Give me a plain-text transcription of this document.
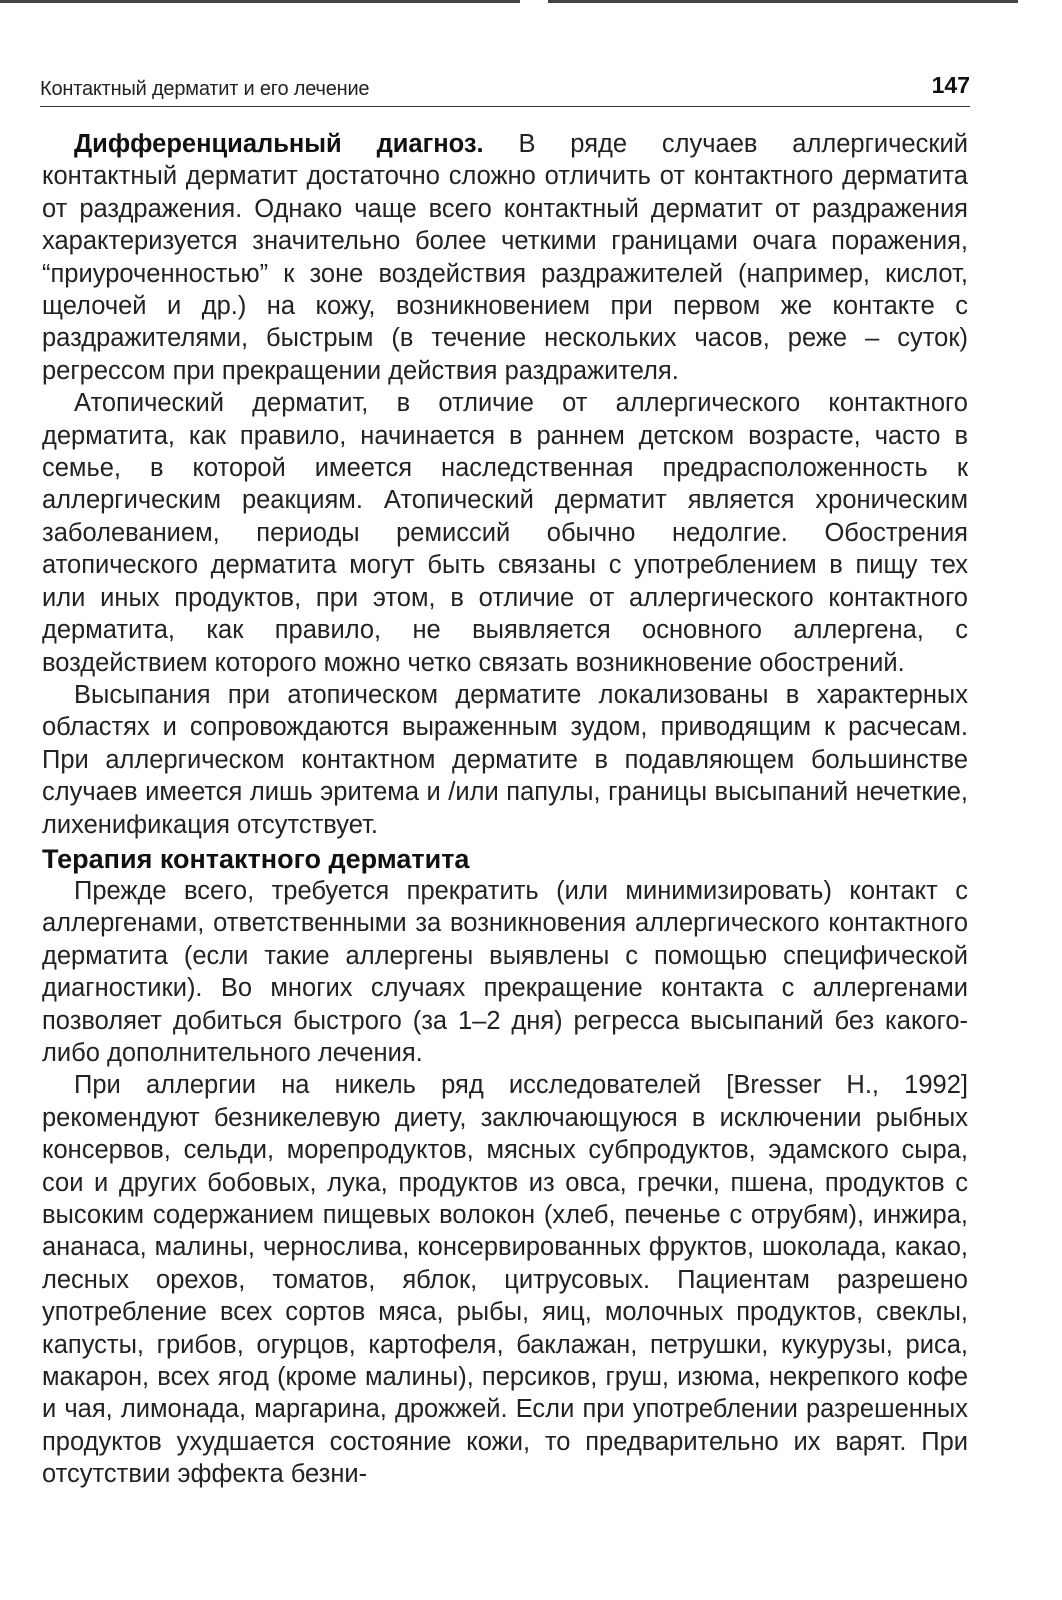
Контактный дерматит и его лечение	147

Дифференциальный диагноз. В ряде случаев аллергический контактный дерматит достаточно сложно отличить от контактного дерматита от раздражения. Однако чаще всего контактный дерматит от раздражения характеризуется значительно более четкими границами очага поражения, “приуроченностью” к зоне воздействия раздражителей (например, кислот, щелочей и др.) на кожу, возникновением при первом же контакте с раздражителями, быстрым (в течение нескольких часов, реже – суток) регрессом при прекращении действия раздражителя.

Атопический дерматит, в отличие от аллергического контактного дерматита, как правило, начинается в раннем детском возрасте, часто в семье, в которой имеется наследственная предрасположенность к аллергическим реакциям. Атопический дерматит является хроническим заболеванием, периоды ремиссий обычно недолгие. Обострения атопического дерматита могут быть связаны с употреблением в пищу тех или иных продуктов, при этом, в отличие от аллергического контактного дерматита, как правило, не выявляется основного аллергена, с воздействием которого можно четко связать возникновение обострений.

Высыпания при атопическом дерматите локализованы в характерных областях и сопровождаются выраженным зудом, приводящим к расчесам. При аллергическом контактном дерматите в подавляющем большинстве случаев имеется лишь эритема и /или папулы, границы высыпаний нечеткие, лихенификация отсутствует.

Терапия контактного дерматита

Прежде всего, требуется прекратить (или минимизировать) контакт с аллергенами, ответственными за возникновения аллергического контактного дерматита (если такие аллергены выявлены с помощью специфической диагностики). Во многих случаях прекращение контакта с аллергенами позволяет добиться быстрого (за 1–2 дня) регресса высыпаний без какого-либо дополнительного лечения.

При аллергии на никель ряд исследователей [Bresser H., 1992] рекомендуют безникелевую диету, заключающуюся в исключении рыбных консервов, сельди, морепродуктов, мясных субпродуктов, эдамского сыра, сои и других бобовых, лука, продуктов из овса, гречки, пшена, продуктов с высоким содержанием пищевых волокон (хлеб, печенье с отрубям), инжира, ананаса, малины, чернослива, консервированных фруктов, шоколада, какао, лесных орехов, томатов, яблок, цитрусовых. Пациентам разрешено употребление всех сортов мяса, рыбы, яиц, молочных продуктов, свеклы, капусты, грибов, огурцов, картофеля, баклажан, петрушки, кукурузы, риса, макарон, всех ягод (кроме малины), персиков, груш, изюма, некрепкого кофе и чая, лимонада, маргарина, дрожжей. Если при употреблении разрешенных продуктов ухудшается состояние кожи, то предварительно их варят. При отсутствии эффекта безни-
